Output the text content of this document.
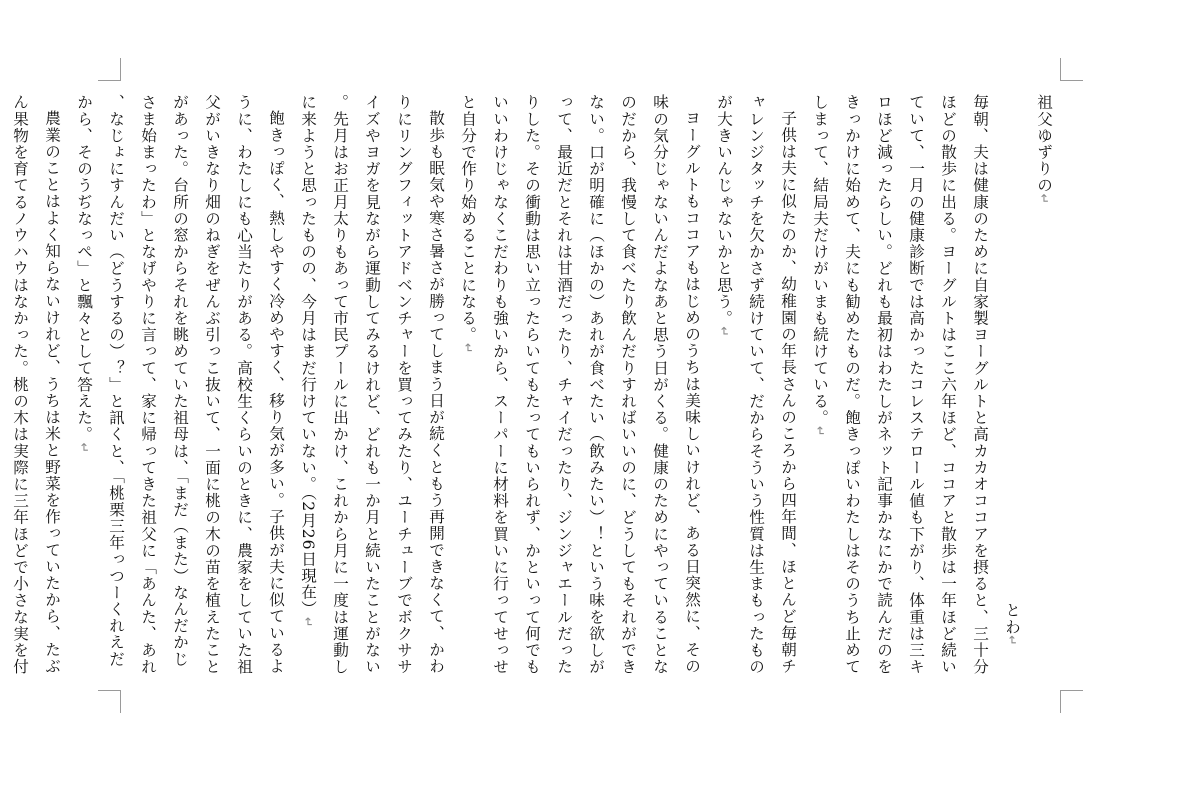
祖父ゆずりの↵

とわ↵

毎朝、夫は健康のために自家製ヨーグルトと高カカオココアを摂ると、三十分ほどの散歩に出る。ヨーグルトはここ六年ほど、ココアと散歩は一年ほど続いていて、一月の健康診断では高かったコレステロール値も下がり、体重は三キロほど減ったらしい。どれも最初はわたしがネット記事かなにかで読んだのをきっかけに始めて、夫にも勧めたものだ。飽きっぽいわたしはそのうち止めてしまって、結局夫だけがいまも続けている。↵

子供は夫に似たのか、幼稚園の年長さんのころから四年間、ほとんど毎朝チャレンジタッチを欠かさず続けていて、だからそういう性質は生まもったものが大きいんじゃないかと思う。↵

ヨーグルトもココアもはじめのうちは美味しいけれど、ある日突然に、その味の気分じゃないんだよなあと思う日がくる。健康のためにやっていることなのだから、我慢して食べたり飲んだりすればいいのに、どうしてもそれができない。口が明確に（ほかの）あれが食べたい（飲みたい）！という味を欲しがって、最近だとそれは甘酒だったり、チャイだったり、ジンジャエールだったりした。その衝動は思い立ったらいてもたってもいられず、かといって何でもいいわけじゃなくこだわりも強いから、スーパーに材料を買いに行ってせっせと自分で作り始めることになる。↵

散歩も眠気や寒さ暑さが勝ってしまう日が続くともう再開できなくて、かわりにリングフィットアドベンチャーを買ってみたり、ユーチューブでボクササイズやヨガを見ながら運動してみるけれど、どれも一か月と続いたことがない。先月はお正月太りもあって市民プールに出かけ、これから月に一度は運動しに来ようと思ったものの、今月はまだ行けていない。（2月26日現在）↵

飽きっぽく、熱しやすく冷めやすく、移り気が多い。子供が夫に似ているように、わたしにも心当たりがある。高校生くらいのときに、農家をしていた祖父がいきなり畑のねぎをぜんぶ引っこ抜いて、一面に桃の木の苗を植えたことがあった。台所の窓からそれを眺めていた祖母は、「まだ（また）なんだかじさま始まったわ」となげやりに言って、家に帰ってきた祖父に「あんた、あれ、なじょにすんだい（どうするの）？」と訊くと、「桃栗三年っつーくれえだから、そのうぢなっぺ」と飄々として答えた。↵

農業のことはよく知らないけれど、うちは米と野菜を作っていたから、たぶん果物を育てるノウハウはなかった。桃の木は実際に三年ほどで小さな実を付
